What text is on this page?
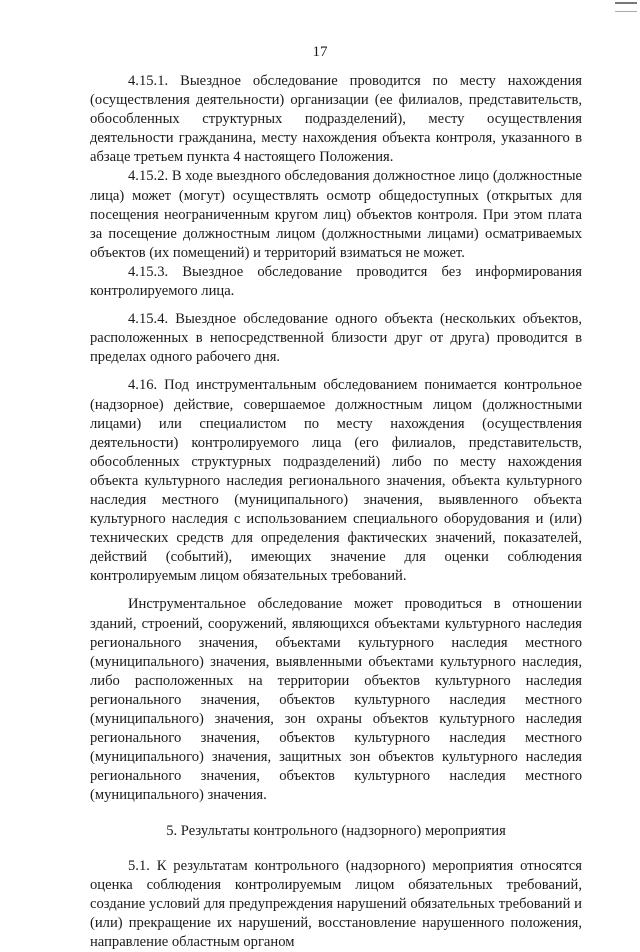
17

4.15.1. Выездное обследование проводится по месту нахождения (осуществления деятельности) организации (ее филиалов, представительств, обособленных структурных подразделений), месту осуществления деятельности гражданина, месту нахождения объекта контроля, указанного в абзаце третьем пункта 4 настоящего Положения.

4.15.2. В ходе выездного обследования должностное лицо (должностные лица) может (могут) осуществлять осмотр общедоступных (открытых для посещения неограниченным кругом лиц) объектов контроля. При этом плата за посещение должностным лицом (должностными лицами) осматриваемых объектов (их помещений) и территорий взиматься не может.

4.15.3. Выездное обследование проводится без информирования контролируемого лица.

4.15.4. Выездное обследование одного объекта (нескольких объектов, расположенных в непосредственной близости друг от друга) проводится в пределах одного рабочего дня.

4.16. Под инструментальным обследованием понимается контрольное (надзорное) действие, совершаемое должностным лицом (должностными лицами) или специалистом по месту нахождения (осуществления деятельности) контролируемого лица (его филиалов, представительств, обособленных структурных подразделений) либо по месту нахождения объекта культурного наследия регионального значения, объекта культурного наследия местного (муниципального) значения, выявленного объекта культурного наследия с использованием специального оборудования и (или) технических средств для определения фактических значений, показателей, действий (событий), имеющих значение для оценки соблюдения контролируемым лицом обязательных требований.

Инструментальное обследование может проводиться в отношении зданий, строений, сооружений, являющихся объектами культурного наследия регионального значения, объектами культурного наследия местного (муниципального) значения, выявленными объектами культурного наследия, либо расположенных на территории объектов культурного наследия регионального значения, объектов культурного наследия местного (муниципального) значения, зон охраны объектов культурного наследия регионального значения, объектов культурного наследия местного (муниципального) значения, защитных зон объектов культурного наследия регионального значения, объектов культурного наследия местного (муниципального) значения.

5. Результаты контрольного (надзорного) мероприятия

5.1. К результатам контрольного (надзорного) мероприятия относятся оценка соблюдения контролируемым лицом обязательных требований, создание условий для предупреждения нарушений обязательных требований и (или) прекращение их нарушений, восстановление нарушенного положения, направление областным органом
